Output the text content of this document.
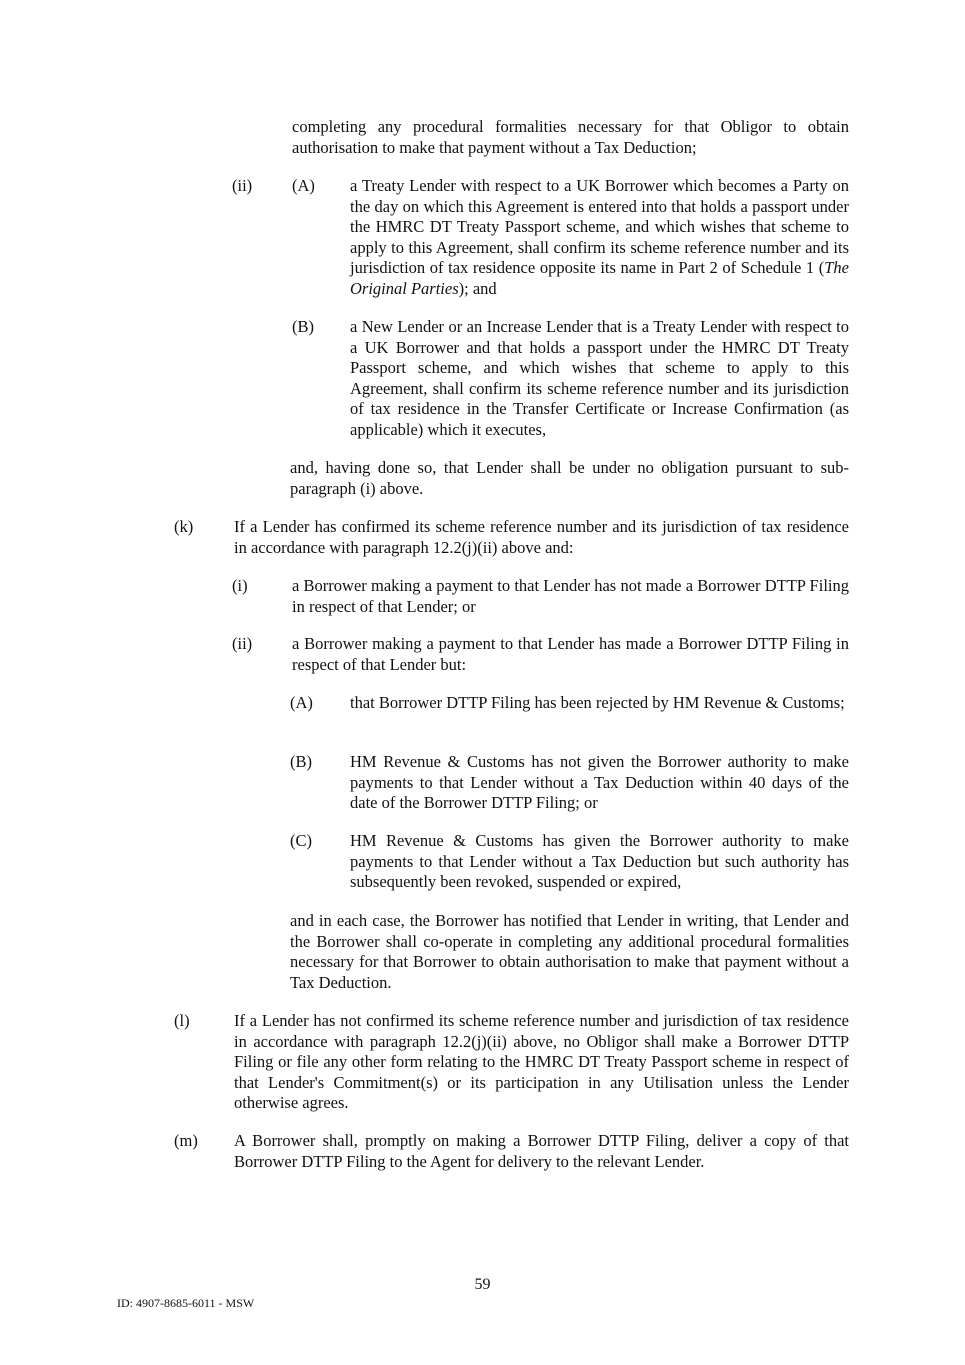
completing any procedural formalities necessary for that Obligor to obtain authorisation to make that payment without a Tax Deduction;

(ii) (A) a Treaty Lender with respect to a UK Borrower which becomes a Party on the day on which this Agreement is entered into that holds a passport under the HMRC DT Treaty Passport scheme, and which wishes that scheme to apply to this Agreement, shall confirm its scheme reference number and its jurisdiction of tax residence opposite its name in Part 2 of Schedule 1 (The Original Parties); and

(B) a New Lender or an Increase Lender that is a Treaty Lender with respect to a UK Borrower and that holds a passport under the HMRC DT Treaty Passport scheme, and which wishes that scheme to apply to this Agreement, shall confirm its scheme reference number and its jurisdiction of tax residence in the Transfer Certificate or Increase Confirmation (as applicable) which it executes,

and, having done so, that Lender shall be under no obligation pursuant to sub-paragraph (i) above.

(k) If a Lender has confirmed its scheme reference number and its jurisdiction of tax residence in accordance with paragraph 12.2(j)(ii) above and:

(i)	a Borrower making a payment to that Lender has not made a Borrower DTTP Filing in respect of that Lender; or

(ii) a Borrower making a payment to that Lender has made a Borrower DTTP Filing in respect of that Lender but:

(A) that Borrower DTTP Filing has been rejected by HM Revenue & Customs;

(B) HM Revenue & Customs has not given the Borrower authority to make payments to that Lender without a Tax Deduction within 40 days of the date of the Borrower DTTP Filing; or

(C) HM Revenue & Customs has given the Borrower authority to make payments to that Lender without a Tax Deduction but such authority has subsequently been revoked, suspended or expired,

and in each case, the Borrower has notified that Lender in writing, that Lender and the Borrower shall co-operate in completing any additional procedural formalities necessary for that Borrower to obtain authorisation to make that payment without a Tax Deduction.

(l)	If a Lender has not confirmed its scheme reference number and jurisdiction of tax residence in accordance with paragraph 12.2(j)(ii) above, no Obligor shall make a Borrower DTTP Filing or file any other form relating to the HMRC DT Treaty Passport scheme in respect of that Lender's Commitment(s) or its participation in any Utilisation unless the Lender otherwise agrees.

(m) A Borrower shall, promptly on making a Borrower DTTP Filing, deliver a copy of that Borrower DTTP Filing to the Agent for delivery to the relevant Lender.

59
ID: 4907-8685-6011 - MSW
